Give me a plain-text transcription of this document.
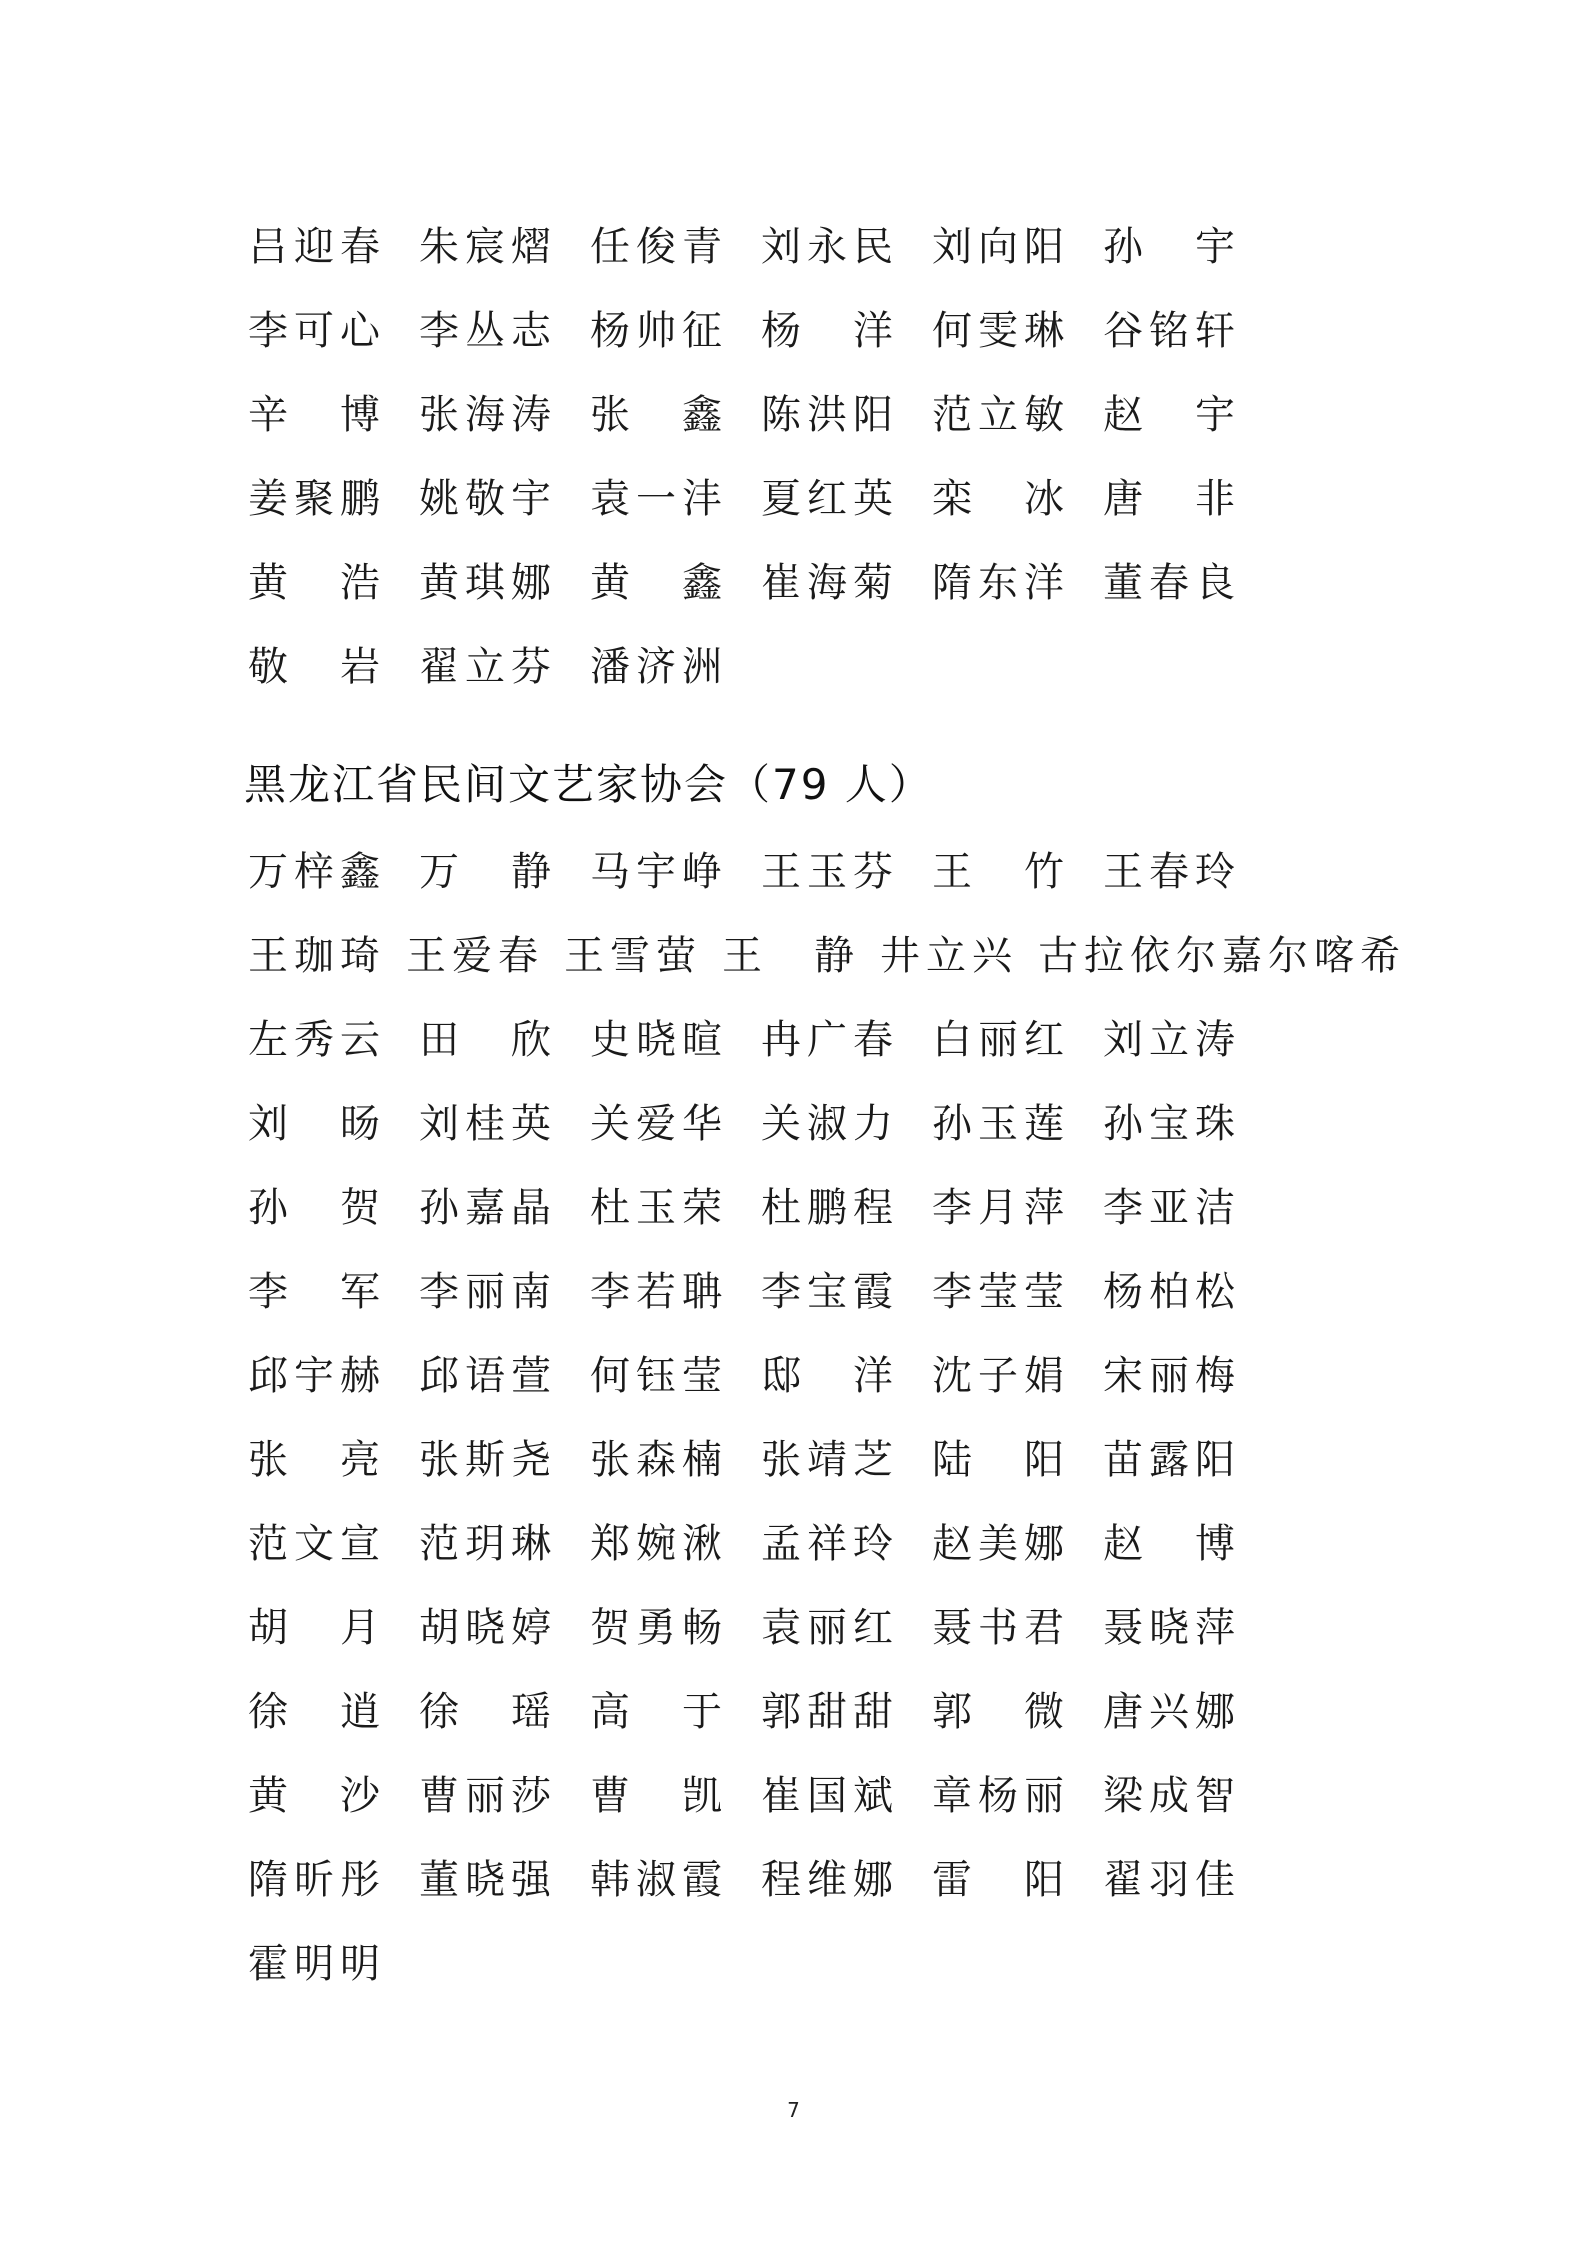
吕迎春 朱宸熠 任俊青 刘永民 刘向阳 孙　宇
李可心 李丛志 杨帅征 杨　洋 何雯琳 谷铭轩
辛　博 张海涛 张　鑫 陈洪阳 范立敏 赵　宇
姜聚鹏 姚敬宇 袁一沣 夏红英 栾　冰 唐　非
黄　浩 黄琪娜 黄　鑫 崔海菊 隋东洋 董春良
敬　岩 翟立芬 潘济洲
黑龙江省民间文艺家协会（79 人）
万梓鑫 万　静 马宇峥 王玉芬 王　竹 王春玲
王珈琦 王爱春 王雪萤 王　静 井立兴 古拉依尔嘉尔喀希
左秀云 田　欣 史晓暄 冉广春 白丽红 刘立涛
刘　旸 刘桂英 关爱华 关淑力 孙玉莲 孙宝珠
孙　贺 孙嘉晶 杜玉荣 杜鹏程 李月萍 李亚洁
李　军 李丽南 李若聃 李宝霞 李莹莹 杨柏松
邱宇赫 邱语萱 何钰莹 邸　洋 沈子娟 宋丽梅
张　亮 张斯尧 张森楠 张靖芝 陆　阳 苗露阳
范文宣 范玥琳 郑婉湫 孟祥玲 赵美娜 赵　博
胡　月 胡晓婷 贺勇畅 袁丽红 聂书君 聂晓萍
徐　逍 徐　瑶 高　于 郭甜甜 郭　微 唐兴娜
黄　沙 曹丽莎 曹　凯 崔国斌 章杨丽 梁成智
隋昕彤 董晓强 韩淑霞 程维娜 雷　阳 翟羽佳
霍明明
7
